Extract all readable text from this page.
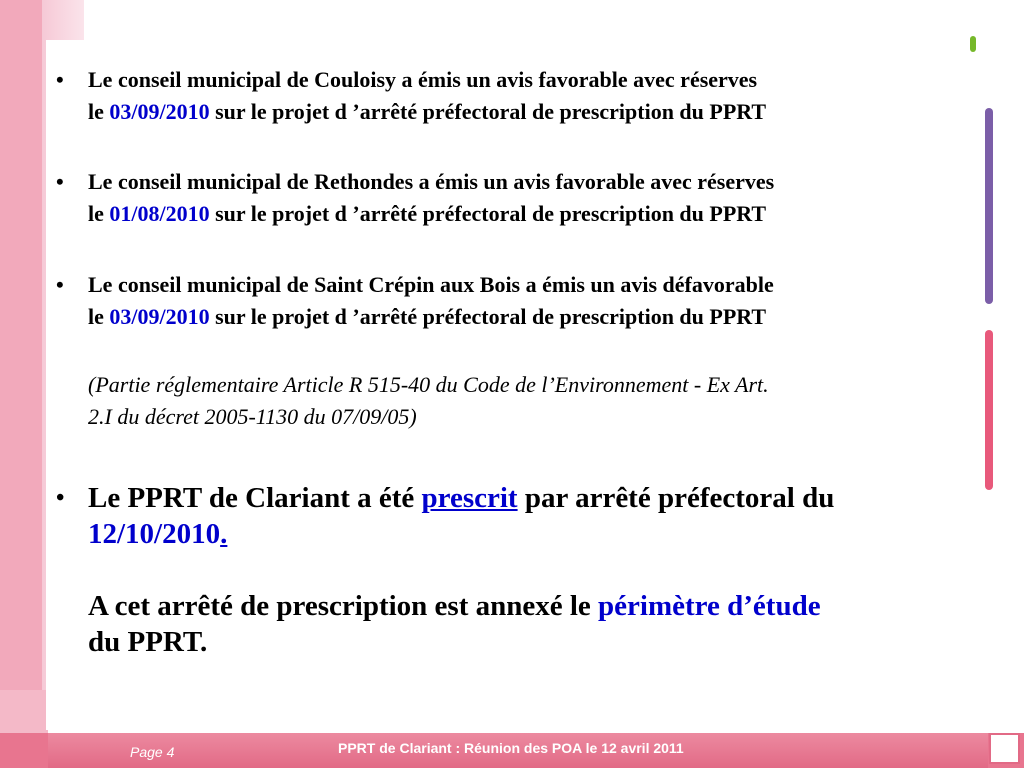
• Le conseil municipal de Couloisy a émis un avis favorable avec réserves
le 03/09/2010 sur le projet d ’arrêté préfectoral de prescription du PPRT
• Le conseil municipal de Rethondes a émis un avis favorable avec réserves
le 01/08/2010 sur le projet d ’arrêté préfectoral de prescription du PPRT
• Le conseil municipal de Saint Crépin aux Bois a émis un avis défavorable
le 03/09/2010 sur le projet d ’arrêté préfectoral de prescription du PPRT
(Partie réglementaire Article R 515-40 du Code de l’Environnement - Ex Art.
2.I du décret 2005-1130 du 07/09/05)
• Le PPRT de Clariant a été prescrit par arrêté préfectoral du
12/10/2010.
A cet arrêté de prescription est annexé le périmètre d’étude
du PPRT.
Page 4	PPRT de Clariant : Réunion des POA le 12 avril 2011
